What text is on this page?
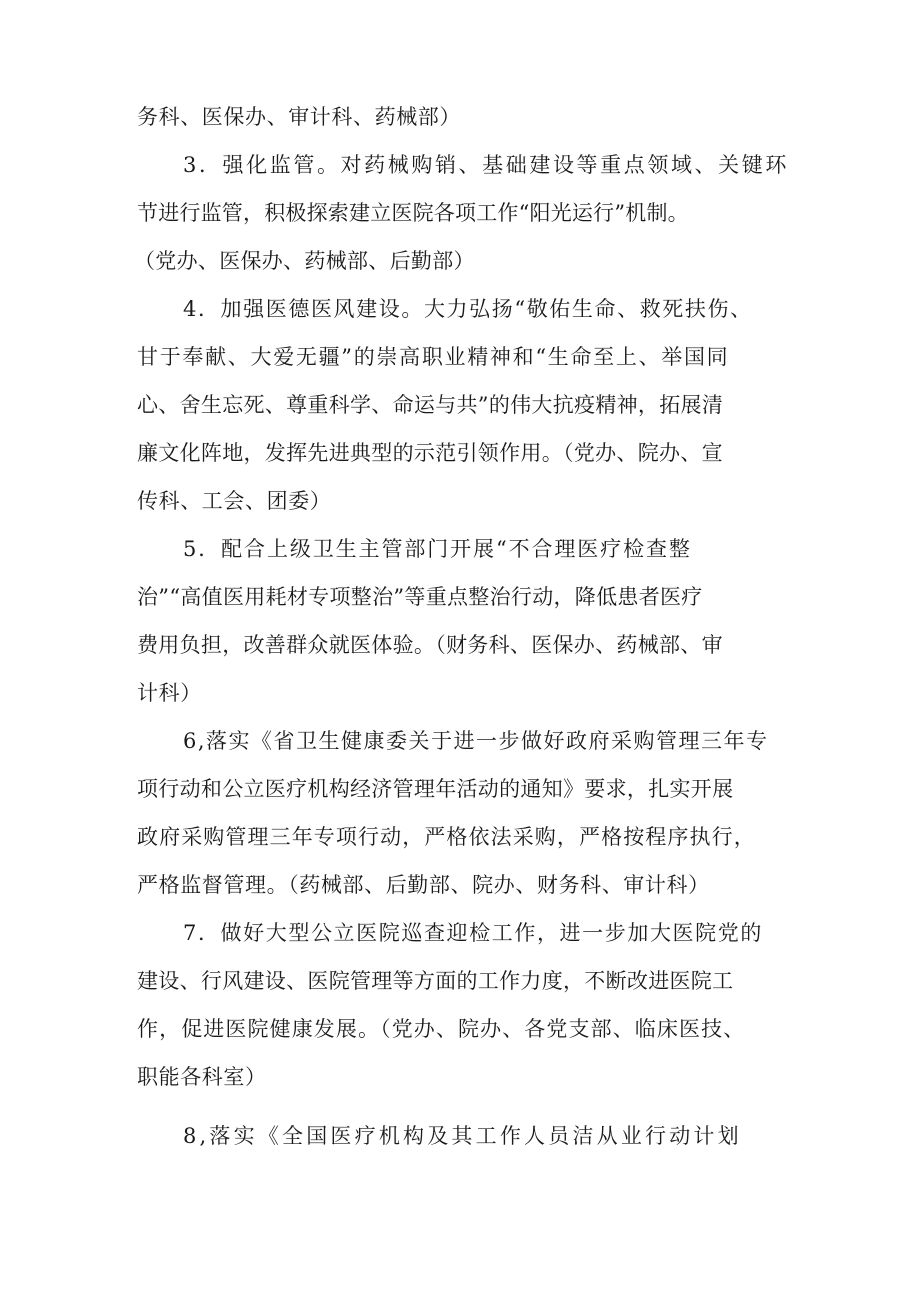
务科、医保办、审计科、药械部）
3．强化监管。对药械购销、基础建设等重点领域、关键环
节进行监管，积极探索建立医院各项工作“阳光运行”机制。
（党办、医保办、药械部、后勤部）
4．加强医德医风建设。大力弘扬“敬佑生命、救死扶伤、
甘于奉献、大爱无疆”的崇高职业精神和“生命至上、举国同
心、舍生忘死、尊重科学、命运与共”的伟大抗疫精神，拓展清
廉文化阵地，发挥先进典型的示范引领作用。（党办、院办、宣
传科、工会、团委）
5．配合上级卫生主管部门开展“不合理医疗检查整
治”“高值医用耗材专项整治”等重点整治行动，降低患者医疗
费用负担，改善群众就医体验。（财务科、医保办、药械部、审
计科）
6,落实《省卫生健康委关于进一步做好政府采购管理三年专
项行动和公立医疗机构经济管理年活动的通知》要求，扎实开展
政府采购管理三年专项行动，严格依法采购，严格按程序执行，
严格监督管理。（药械部、后勤部、院办、财务科、审计科）
7．做好大型公立医院巡查迎检工作，进一步加大医院党的
建设、行风建设、医院管理等方面的工作力度，不断改进医院工
作，促进医院健康发展。（党办、院办、各党支部、临床医技、
职能各科室）
8,落实《全国医疗机构及其工作人员洁从业行动计划
